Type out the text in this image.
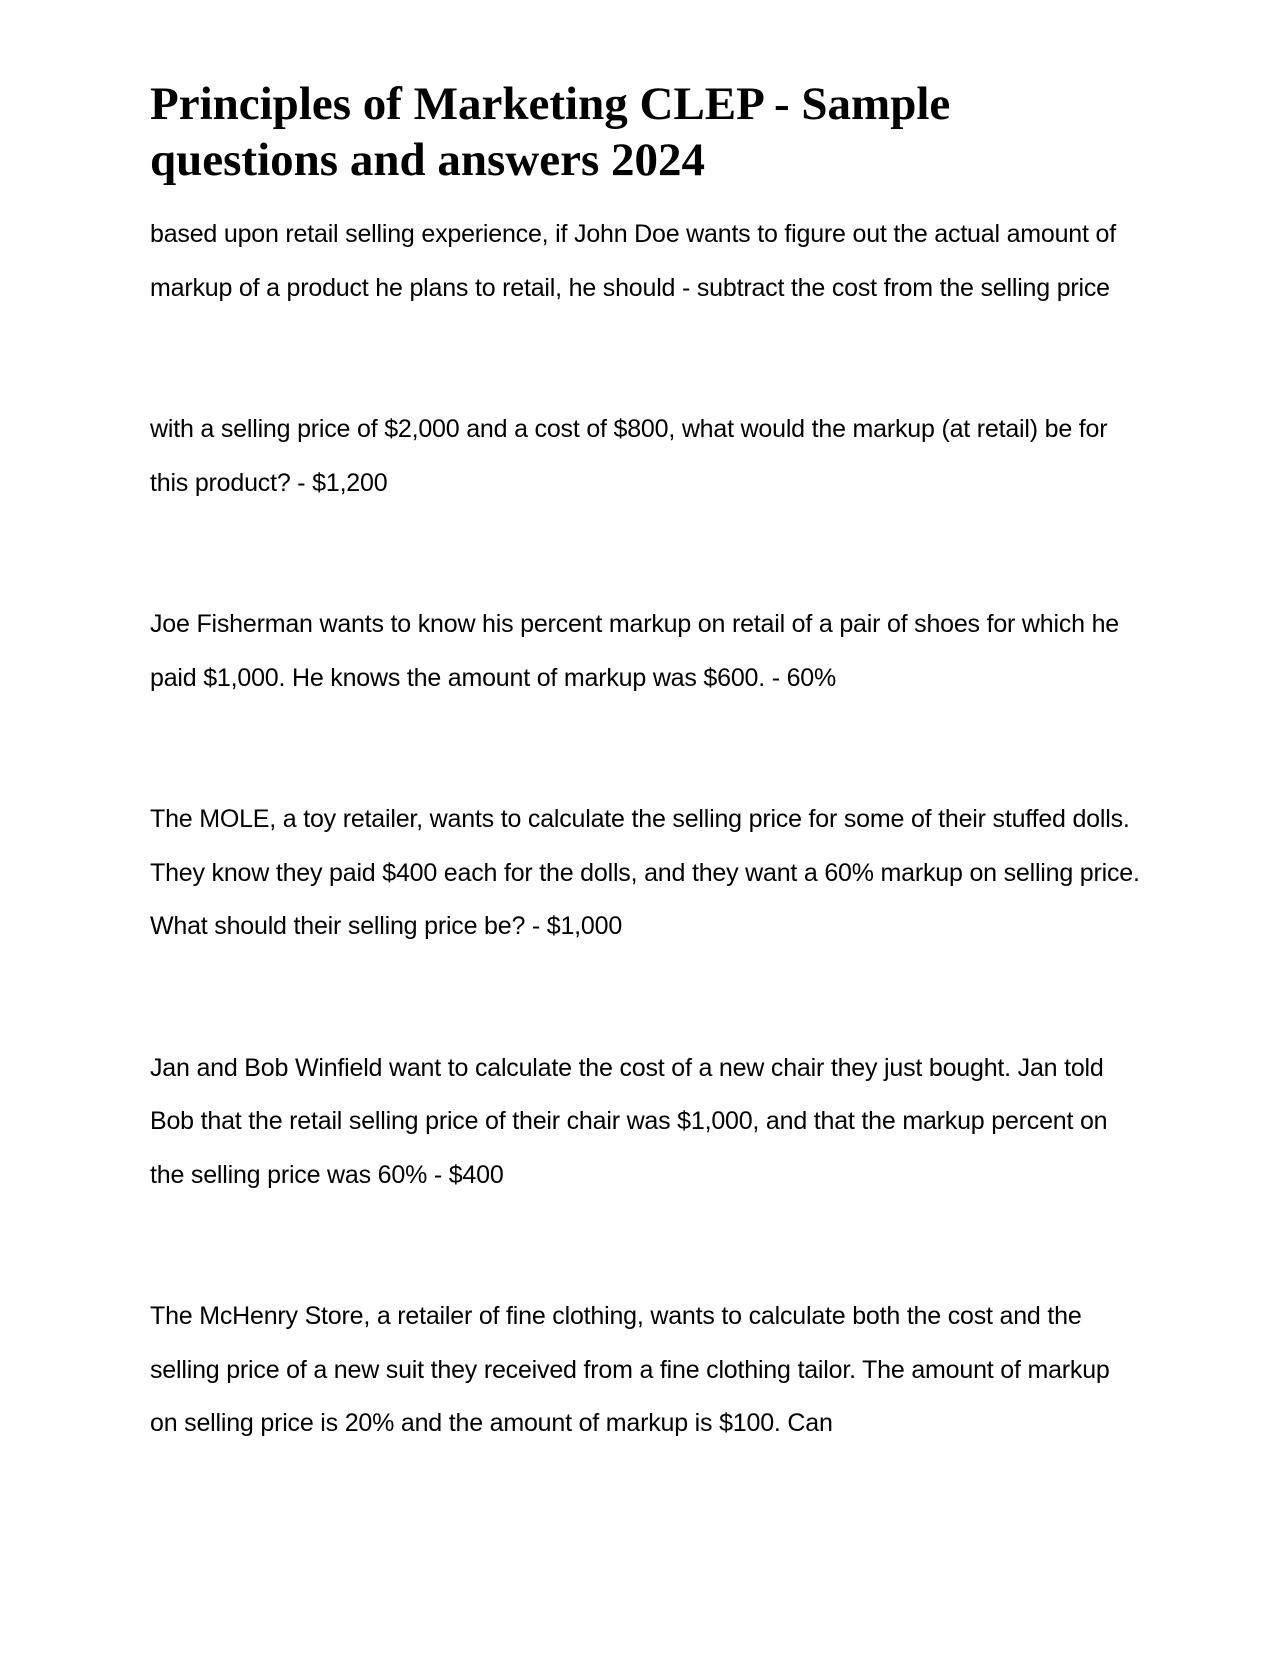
Principles of Marketing CLEP - Sample questions and answers 2024

based upon retail selling experience, if John Doe wants to figure out the actual amount of markup of a product he plans to retail, he should - subtract the cost from the selling price

with a selling price of $2,000 and a cost of $800, what would the markup (at retail) be for this product? - $1,200

Joe Fisherman wants to know his percent markup on retail of a pair of shoes for which he paid $1,000. He knows the amount of markup was $600. - 60%

The MOLE, a toy retailer, wants to calculate the selling price for some of their stuffed dolls. They know they paid $400 each for the dolls, and they want a 60% markup on selling price. What should their selling price be? - $1,000

Jan and Bob Winfield want to calculate the cost of a new chair they just bought. Jan told Bob that the retail selling price of their chair was $1,000, and that the markup percent on the selling price was 60% - $400

The McHenry Store, a retailer of fine clothing, wants to calculate both the cost and the selling price of a new suit they received from a fine clothing tailor. The amount of markup on selling price is 20% and the amount of markup is $100. Can
